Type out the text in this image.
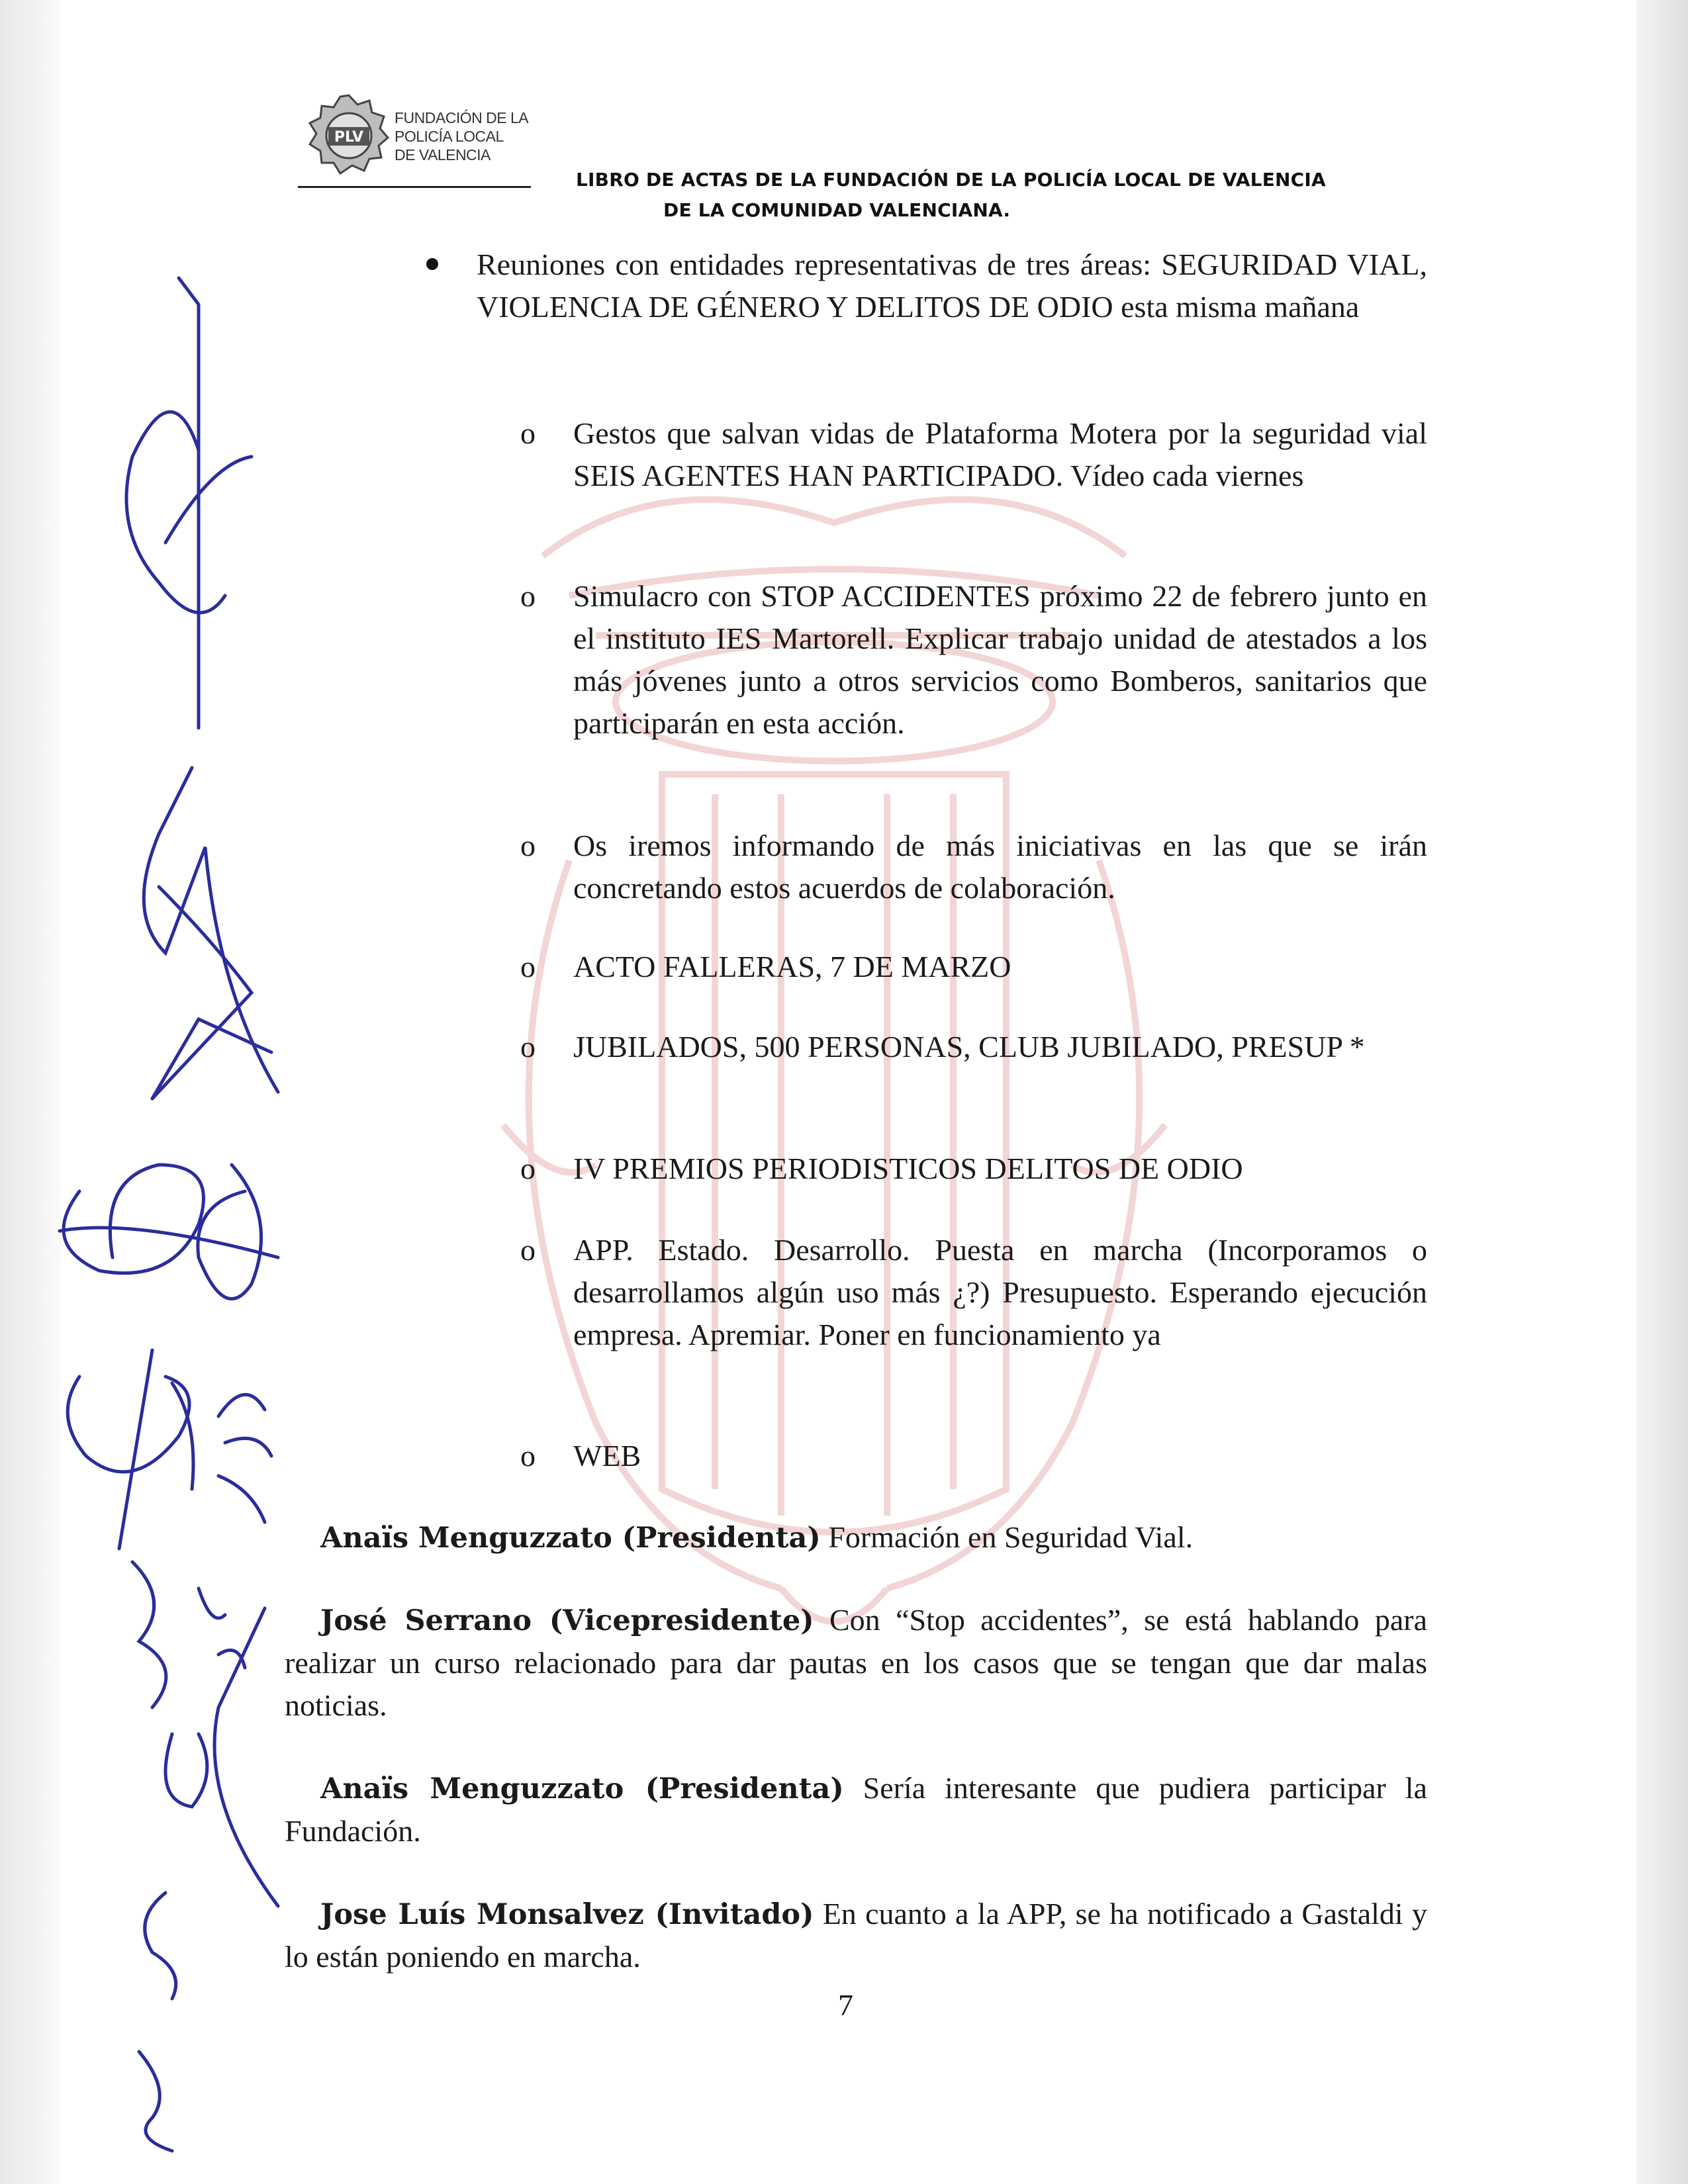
PLV
FUNDACIÓN DE LA
POLICÍA LOCAL
DE VALENCIA
LIBRO DE ACTAS DE LA FUNDACIÓN DE LA POLICÍA LOCAL DE VALENCIA
DE LA COMUNIDAD VALENCIANA.
Reuniones con entidades representativas de tres áreas: SEGURIDAD VIAL, VIOLENCIA DE GÉNERO Y DELITOS DE ODIO esta misma mañana
o Gestos que salvan vidas de Plataforma Motera por la seguridad vial SEIS AGENTES HAN PARTICIPADO. Vídeo cada viernes
o Simulacro con STOP ACCIDENTES próximo 22 de febrero junto en el instituto IES Martorell. Explicar trabajo unidad de atestados a los más jóvenes junto a otros servicios como Bomberos, sanitarios que participarán en esta acción.
o Os iremos informando de más iniciativas en las que se irán concretando estos acuerdos de colaboración.
o ACTO FALLERAS, 7 DE MARZO
o JUBILADOS, 500 PERSONAS, CLUB JUBILADO, PRESUP *
o IV PREMIOS PERIODISTICOS DELITOS DE ODIO
o APP. Estado. Desarrollo. Puesta en marcha (Incorporamos o desarrollamos algún uso más ¿?) Presupuesto. Esperando ejecución empresa. Apremiar. Poner en funcionamiento ya
o WEB
Anaïs Menguzzato (Presidenta) Formación en Seguridad Vial.
José Serrano (Vicepresidente) Con “Stop accidentes”, se está hablando para realizar un curso relacionado para dar pautas en los casos que se tengan que dar malas noticias.
Anaïs Menguzzato (Presidenta) Sería interesante que pudiera participar la Fundación.
Jose Luís Monsalvez (Invitado) En cuanto a la APP, se ha notificado a Gastaldi y lo están poniendo en marcha.
7
